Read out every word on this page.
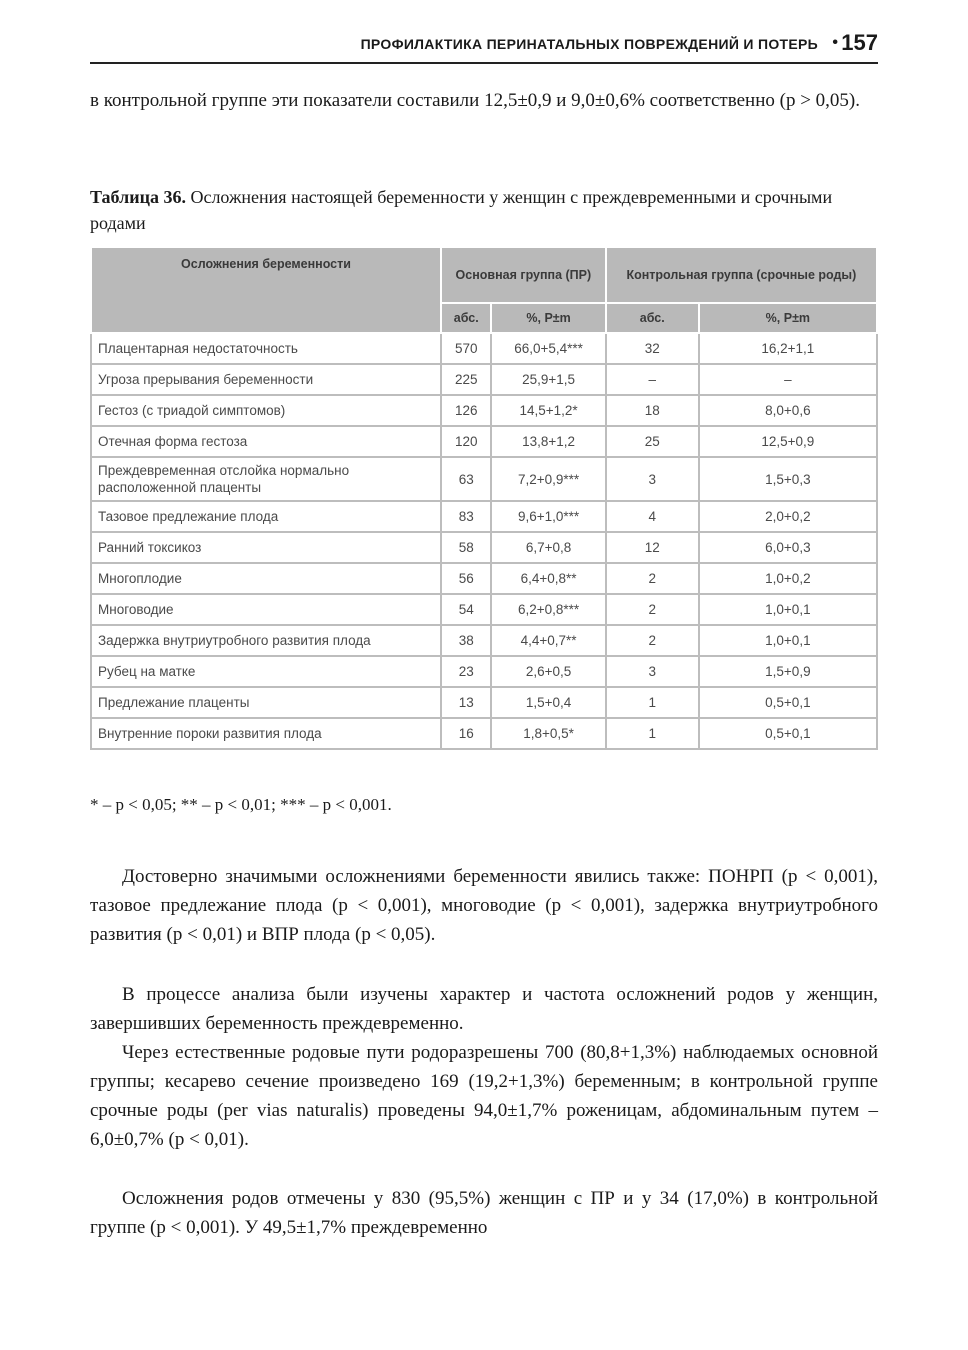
ПРОФИЛАКТИКА ПЕРИНАТАЛЬНЫХ ПОВРЕЖДЕНИЙ И ПОТЕРЬ • 157

в контрольной группе эти показатели составили 12,5±0,9 и 9,0±0,6% соответственно (p > 0,05).

Таблица 36. Осложнения настоящей беременности у женщин с преждевременными и срочными родами
Осложнения беременности	Основная группа (ПР)		Контрольная группа (срочные роды)	
	абс.	%, P±m	абс.	%, P±m
Плацентарная недостаточность	570	66,0+5,4***	32	16,2+1,1
Угроза прерывания беременности	225	25,9+1,5	–	–
Гестоз (с триадой симптомов)	126	14,5+1,2*	18	8,0+0,6
Отечная форма гестоза	120	13,8+1,2	25	12,5+0,9
Преждевременная отслойка нормально расположенной плаценты	63	7,2+0,9***	3	1,5+0,3
Тазовое предлежание плода	83	9,6+1,0***	4	2,0+0,2
Ранний токсикоз	58	6,7+0,8	12	6,0+0,3
Многоплодие	56	6,4+0,8**	2	1,0+0,2
Многоводие	54	6,2+0,8***	2	1,0+0,1
Задержка внутриутробного развития плода	38	4,4+0,7**	2	1,0+0,1
Рубец на матке	23	2,6+0,5	3	1,5+0,9
Предлежание плаценты	13	1,5+0,4	1	0,5+0,1
Внутренние пороки развития плода	16	1,8+0,5*	1	0,5+0,1
* – p < 0,05; ** – p < 0,01; *** – p < 0,001.

Достоверно значимыми осложнениями беременности явились также: ПОНРП (p < 0,001), тазовое предлежание плода (p < 0,001), многоводие (p < 0,001), задержка внутриутробного развития (p < 0,01) и ВПР плода (p < 0,05).

В процессе анализа были изучены характер и частота осложнений родов у женщин, завершивших беременность преждевременно.

Через естественные родовые пути родоразрешены 700 (80,8+1,3%) наблюдаемых основной группы; кесарево сечение произведено 169 (19,2+1,3%) беременным; в контрольной группе срочные роды (per vias naturalis) проведены 94,0±1,7% роженицам, абдоминальным путем – 6,0±0,7% (p < 0,01).

Осложнения родов отмечены у 830 (95,5%) женщин с ПР и у 34 (17,0%) в контрольной группе (p < 0,001). У 49,5±1,7% преждевременно
